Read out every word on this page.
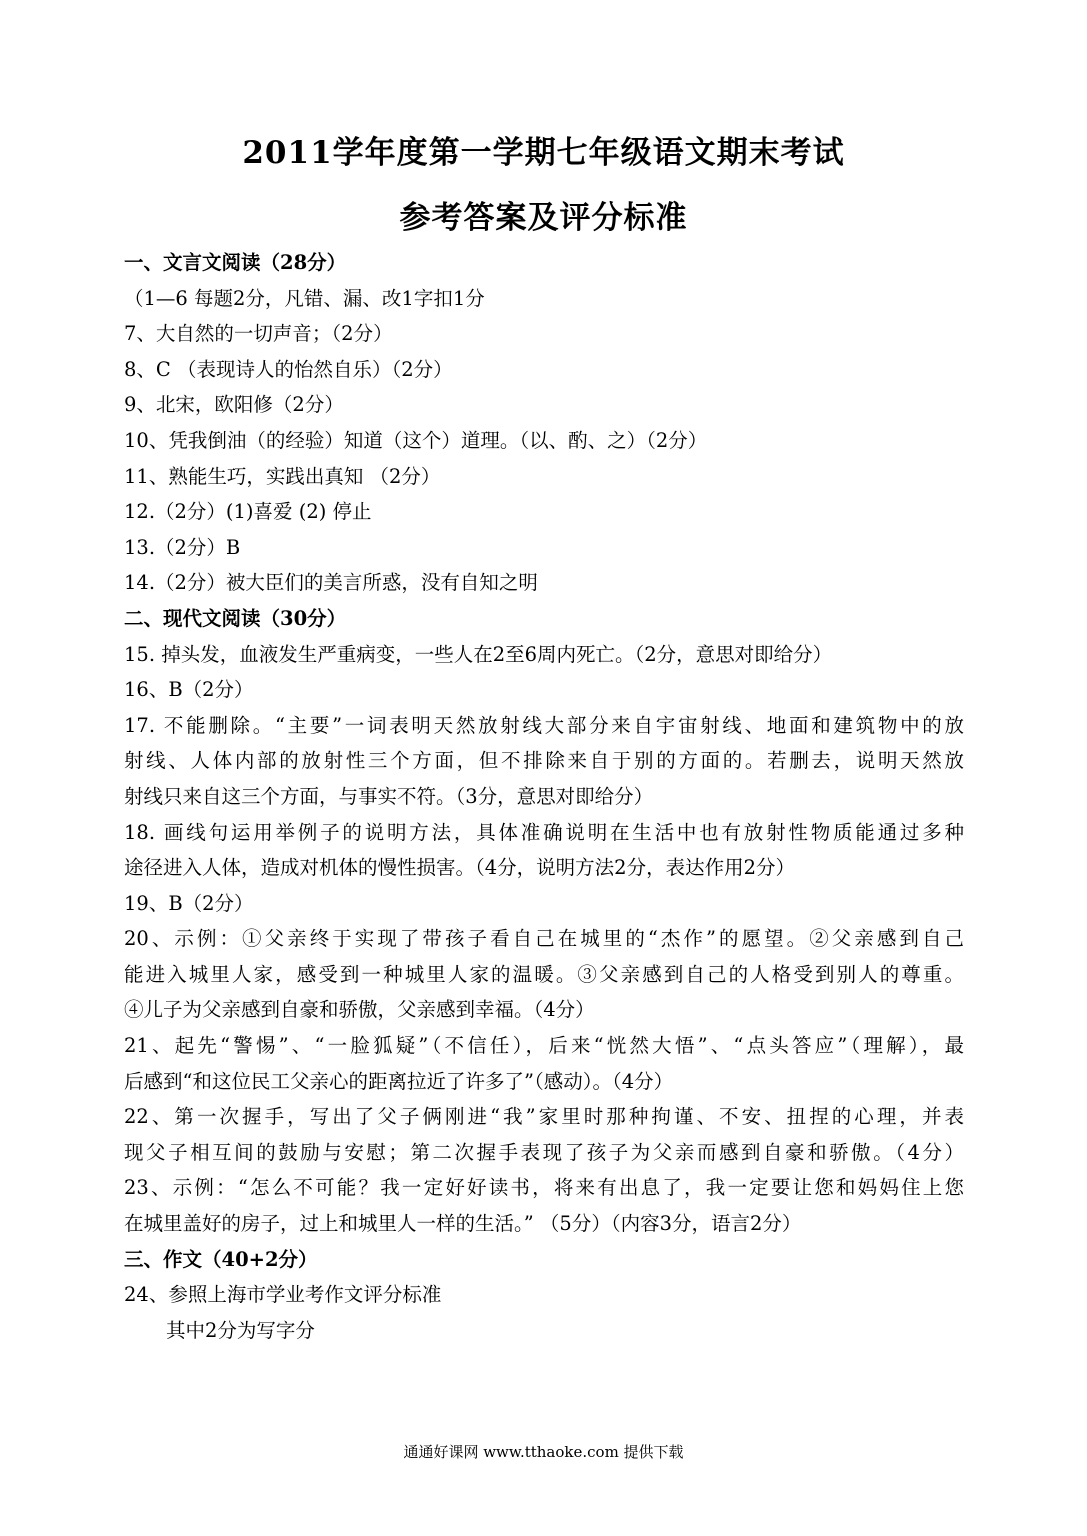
2011学年度第一学期七年级语文期末考试
参考答案及评分标准
一、文言文阅读（28分）
（1—6 每题2分，凡错、漏、改1字扣1分
7、大自然的一切声音；（2分）
8、C （表现诗人的怡然自乐）（2分）
9、北宋，欧阳修（2分）
10、凭我倒油（的经验）知道（这个）道理。（以、酌、之）（2分）
11、熟能生巧，实践出真知 （2分）
12.（2分）(1)喜爱 (2) 停止
13.（2分）B
14.（2分）被大臣们的美言所惑，没有自知之明
二、现代文阅读（30分）
15. 掉头发，血液发生严重病变，一些人在2至6周内死亡。（2分，意思对即给分）
16、B（2分）
17. 不能删除。“主要”一词表明天然放射线大部分来自宇宙射线、地面和建筑物中的放
射线、人体内部的放射性三个方面，但不排除来自于别的方面的。若删去，说明天然放
射线只来自这三个方面，与事实不符。（3分，意思对即给分）
18. 画线句运用举例子的说明方法，具体准确说明在生活中也有放射性物质能通过多种
途径进入人体，造成对机体的慢性损害。（4分，说明方法2分，表达作用2分）
19、B（2分）
20、示例：①父亲终于实现了带孩子看自己在城里的“杰作”的愿望。②父亲感到自己
能进入城里人家，感受到一种城里人家的温暖。③父亲感到自己的人格受到别人的尊重。
④儿子为父亲感到自豪和骄傲，父亲感到幸福。（4分）
21、起先“警惕”、“一脸狐疑”（不信任），后来“恍然大悟”、“点头答应”（理解），最
后感到“和这位民工父亲心的距离拉近了许多了”（感动）。（4分）
22、第一次握手，写出了父子俩刚进“我”家里时那种拘谨、不安、扭捏的心理，并表
现父子相互间的鼓励与安慰；第二次握手表现了孩子为父亲而感到自豪和骄傲。（4分）
23、示例：“怎么不可能？我一定好好读书，将来有出息了，我一定要让您和妈妈住上您
在城里盖好的房子，过上和城里人一样的生活。” （5分）（内容3分，语言2分）
三、作文（40+2分）
24、参照上海市学业考作文评分标准
其中2分为写字分
通通好课网 www.tthaoke.com 提供下载
